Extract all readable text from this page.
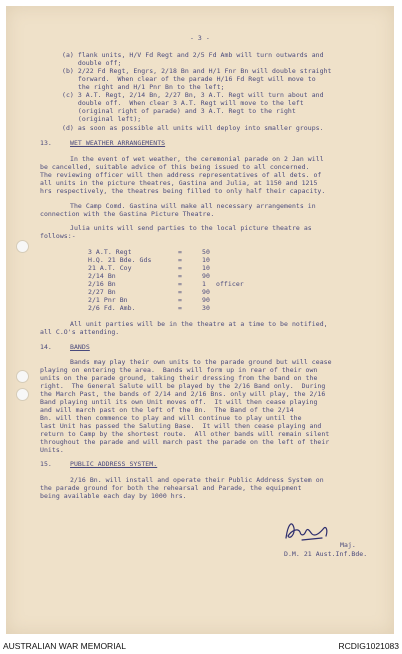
- 3 -
(a) flank units, H/V Fd Regt and 2/5 Fd Amb will turn outwards and
double off;
(b) 2/22 Fd Regt, Engrs, 2/18 Bn and H/1 Fnr Bn will double straight
forward.  When clear of the parade H/16 Fd Regt will move to
the right and H/1 Pnr Bn to the left;
(c) 3 A.T. Regt, 2/14 Bn, 2/27 Bn, 3 A.T. Regt will turn about and
double off.  When clear 3 A.T. Regt will move to the left
(original right of parade) and 3 A.T. Regt to the right
(original left);
(d) as soon as possible all units will deploy into smaller groups.
13.	WET WEATHER ARRANGEMENTS
In the event of wet weather, the ceremonial parade on 2 Jan will
be cancelled, suitable advice of this being issued to all concerned.
The reviewing officer will then address representatives of all dets. of
all units in the picture theatres, Gastina and Julia, at 1150 and 1215
hrs respectively, the theatres being filled to only half their capacity.
The Camp Comd. Gastina will make all necessary arrangements in
connection with the Gastina Picture Theatre.
Julia units will send parties to the local picture theatre as
follows:-
3 A.T. Regt	=	50
H.Q. 21 Bde. Gds	=	10
21 A.T. Coy	=	10
2/14 Bn	=	90
2/16 Bn	=	1 officer
2/27 Bn	=	90
2/1 Pnr Bn	=	90
2/6 Fd. Amb.	=	30
All unit parties will be in the theatre at a time to be notified,
all C.O's attending.
14.	BANDS
Bands may play their own units to the parade ground but will cease
playing on entering the area.  Bands will form up in rear of their own
units on the parade ground, taking their dressing from the band on the
right.  The General Salute will be played by the 2/16 Band only.  During
the March Past, the bands of 2/14 and 2/16 Bns. only will play, the 2/16
Band playing until its own Unit moves off.  It will then cease playing
and will march past on the left of the Bn.  The Band of the 2/14
Bn. will then commence to play and will continue to play until the
last Unit has passed the Saluting Base.  It will then cease playing and
return to Camp by the shortest route.  All other bands will remain silent
throughout the parade and will march past the parade on the left of their
Units.
15.	PUBLIC ADDRESS SYSTEM.
2/16 Bn. will install and operate their Public Address System on
the parade ground for both the rehearsal and Parade, the equipment
being available each day by 1000 hrs.
Maj.
D.M. 21 Aust.Inf.Bde.
AUSTRALIAN WAR MEMORIAL	RCDIG1021083
